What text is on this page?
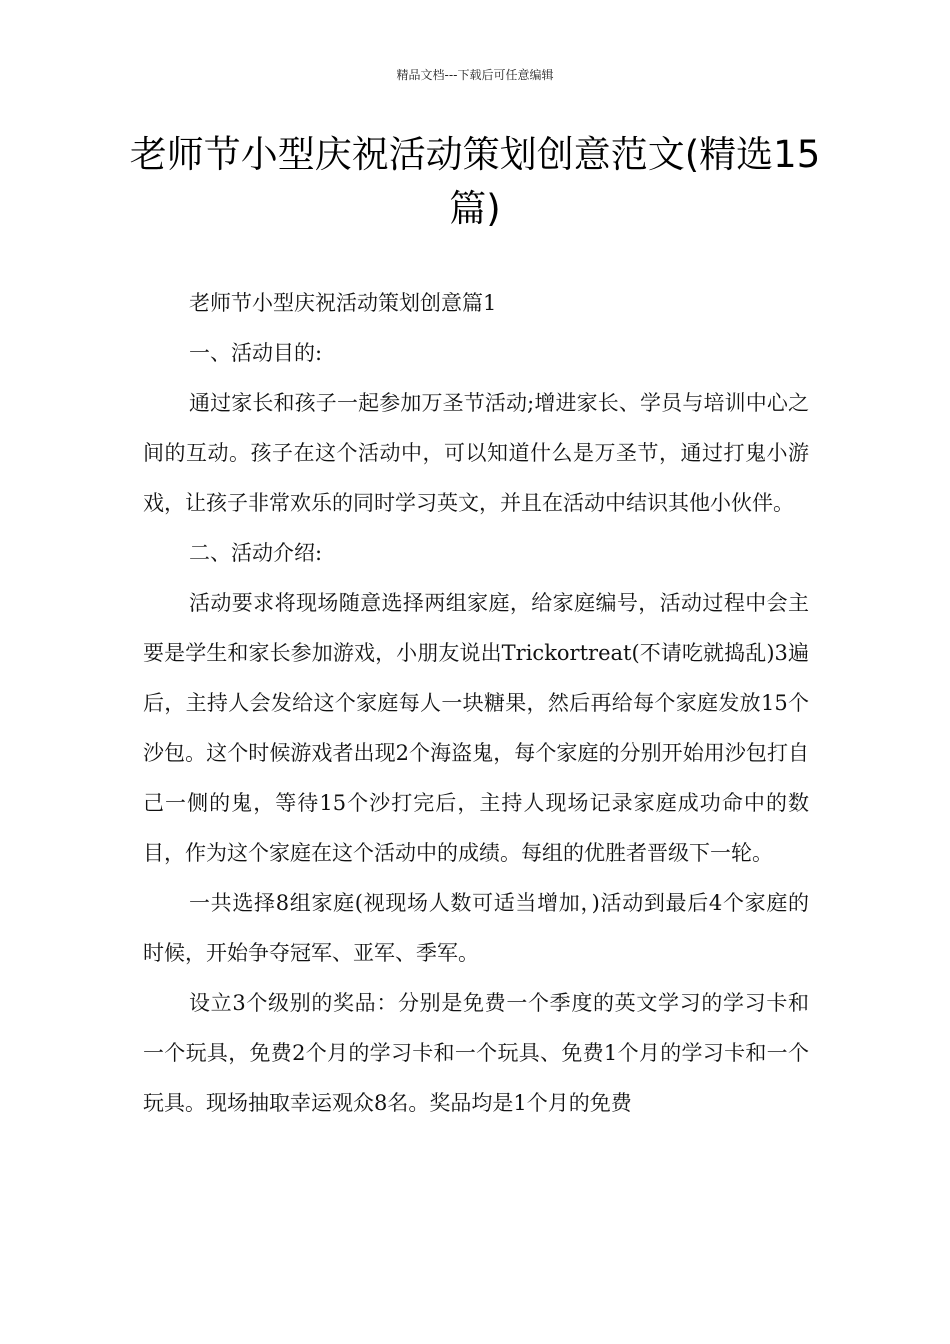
精品文档---下载后可任意编辑
老师节小型庆祝活动策划创意范文(精选15篇)

老师节小型庆祝活动策划创意篇1

一、活动目的:

通过家长和孩子一起参加万圣节活动;增进家长、学员与培训中心之间的互动。孩子在这个活动中，可以知道什么是万圣节，通过打鬼小游戏，让孩子非常欢乐的同时学习英文，并且在活动中结识其他小伙伴。

二、活动介绍:

活动要求将现场随意选择两组家庭，给家庭编号，活动过程中会主要是学生和家长参加游戏，小朋友说出Trickortreat(不请吃就捣乱)3遍后，主持人会发给这个家庭每人一块糖果，然后再给每个家庭发放15个沙包。这个时候游戏者出现2个海盗鬼，每个家庭的分别开始用沙包打自己一侧的鬼，等待15个沙打完后，主持人现场记录家庭成功命中的数目，作为这个家庭在这个活动中的成绩。每组的优胜者晋级下一轮。

一共选择8组家庭(视现场人数可适当增加，)活动到最后4个家庭的时候，开始争夺冠军、亚军、季军。

设立3个级别的奖品：分别是免费一个季度的英文学习的学习卡和一个玩具，免费2个月的学习卡和一个玩具、免费1个月的学习卡和一个玩具。现场抽取幸运观众8名。奖品均是1个月的免费
